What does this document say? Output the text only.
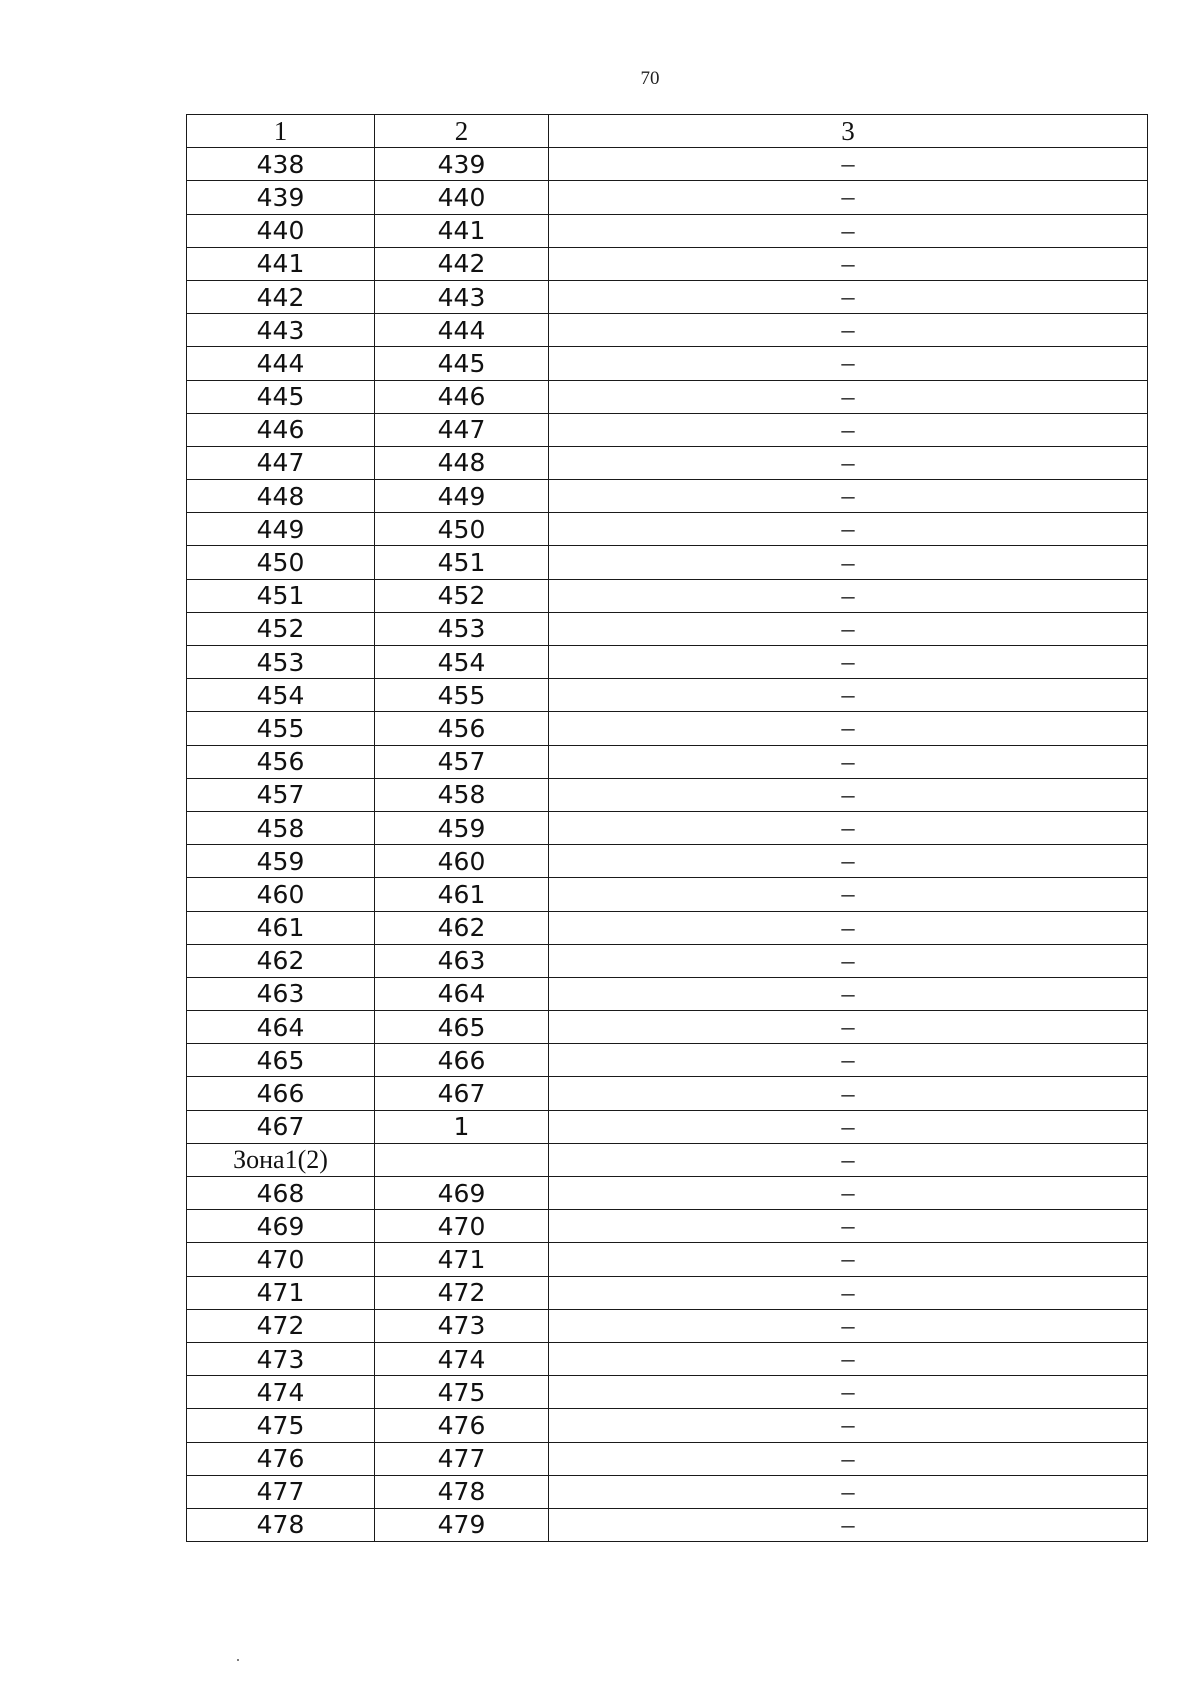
70
1	2	3
438	439	–
439	440	–
440	441	–
441	442	–
442	443	–
443	444	–
444	445	–
445	446	–
446	447	–
447	448	–
448	449	–
449	450	–
450	451	–
451	452	–
452	453	–
453	454	–
454	455	–
455	456	–
456	457	–
457	458	–
458	459	–
459	460	–
460	461	–
461	462	–
462	463	–
463	464	–
464	465	–
465	466	–
466	467	–
467	1	–
Зона1(2)		–
468	469	–
469	470	–
470	471	–
471	472	–
472	473	–
473	474	–
474	475	–
475	476	–
476	477	–
477	478	–
478	479	–
